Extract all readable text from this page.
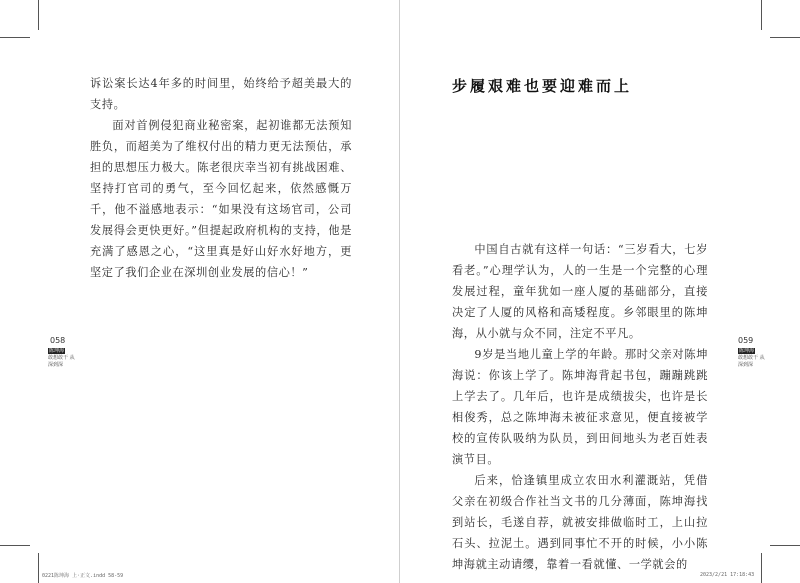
诉讼案长达4年多的时间里，始终给予超美最大的支持。

面对首例侵犯商业秘密案，起初谁都无法预知胜负，而超美为了维权付出的精力更无法预估，承担的思想压力极大。陈老很庆幸当初有挑战困难、坚持打官司的勇气，至今回忆起来，依然感慨万千，他不溢感地表示：“如果没有这场官司，公司发展得会更快更好。”但提起政府机构的支持，他是充满了感恩之心，“这里真是好山好水好地方，更坚定了我们企业在深圳创业发展的信心！”

058
陈坤海
敢想敢干 从深到深
步履艰难也要迎难而上

中国自古就有这样一句话：“三岁看大，七岁看老。”心理学认为，人的一生是一个完整的心理发展过程，童年犹如一座人厦的基础部分，直接决定了人厦的风格和高矮程度。乡邻眼里的陈坤海，从小就与众不同，注定不平凡。

9岁是当地儿童上学的年龄。那时父亲对陈坤海说：你该上学了。陈坤海背起书包，蹦蹦跳跳上学去了。几年后，也许是成绩拔尖，也许是长相俊秀，总之陈坤海未被征求意见，便直接被学校的宣传队吸纳为队员，到田间地头为老百姓表演节目。

后来，恰逢镇里成立农田水利灌溉站，凭借父亲在初级合作社当文书的几分薄面，陈坤海找到站长，毛遂自荐，就被安排做临时工，上山拉石头、拉泥土。遇到同事忙不开的时候，小小陈坤海就主动请缨，靠着一看就懂、一学就会的

059
陈坤海
敢想敢干 从深到深
0221陈坤海 上·正文.indd 58-59	2023/2/21 17:18:43
